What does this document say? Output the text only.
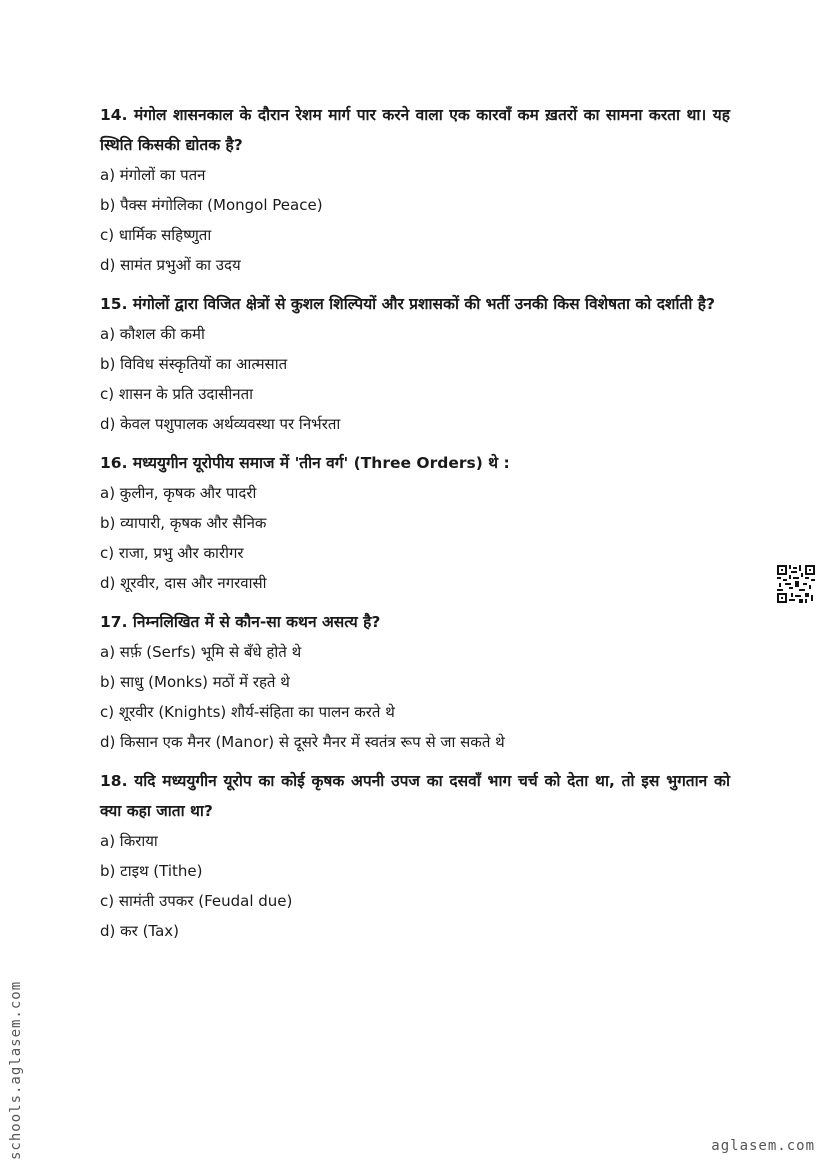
14. मंगोल शासनकाल के दौरान रेशम मार्ग पार करने वाला एक कारवाँ कम ख़तरों का सामना करता था। यह स्थिति किसकी द्योतक है?

a) मंगोलों का पतन

b) पैक्स मंगोलिका (Mongol Peace)

c) धार्मिक सहिष्णुता

d) सामंत प्रभुओं का उदय

15. मंगोलों द्वारा विजित क्षेत्रों से कुशल शिल्पियों और प्रशासकों की भर्ती उनकी किस विशेषता को दर्शाती है?

a) कौशल की कमी

b) विविध संस्कृतियों का आत्मसात

c) शासन के प्रति उदासीनता

d) केवल पशुपालक अर्थव्यवस्था पर निर्भरता

16. मध्ययुगीन यूरोपीय समाज में 'तीन वर्ग' (Three Orders) थे :

a) कुलीन, कृषक और पादरी

b) व्यापारी, कृषक और सैनिक

c) राजा, प्रभु और कारीगर

d) शूरवीर, दास और नगरवासी

17. निम्नलिखित में से कौन-सा कथन असत्य है?

a) सर्फ़ (Serfs) भूमि से बँधे होते थे

b) साधु (Monks) मठों में रहते थे

c) शूरवीर (Knights) शौर्य-संहिता का पालन करते थे

d) किसान एक मैनर (Manor) से दूसरे मैनर में स्वतंत्र रूप से जा सकते थे

18. यदि मध्ययुगीन यूरोप का कोई कृषक अपनी उपज का दसवाँ भाग चर्च को देता था, तो इस भुगतान को क्या कहा जाता था?

a) किराया

b) टाइथ (Tithe)

c) सामंती उपकर (Feudal due)

d) कर (Tax)

schools.aglasem.com	aglasem.com
